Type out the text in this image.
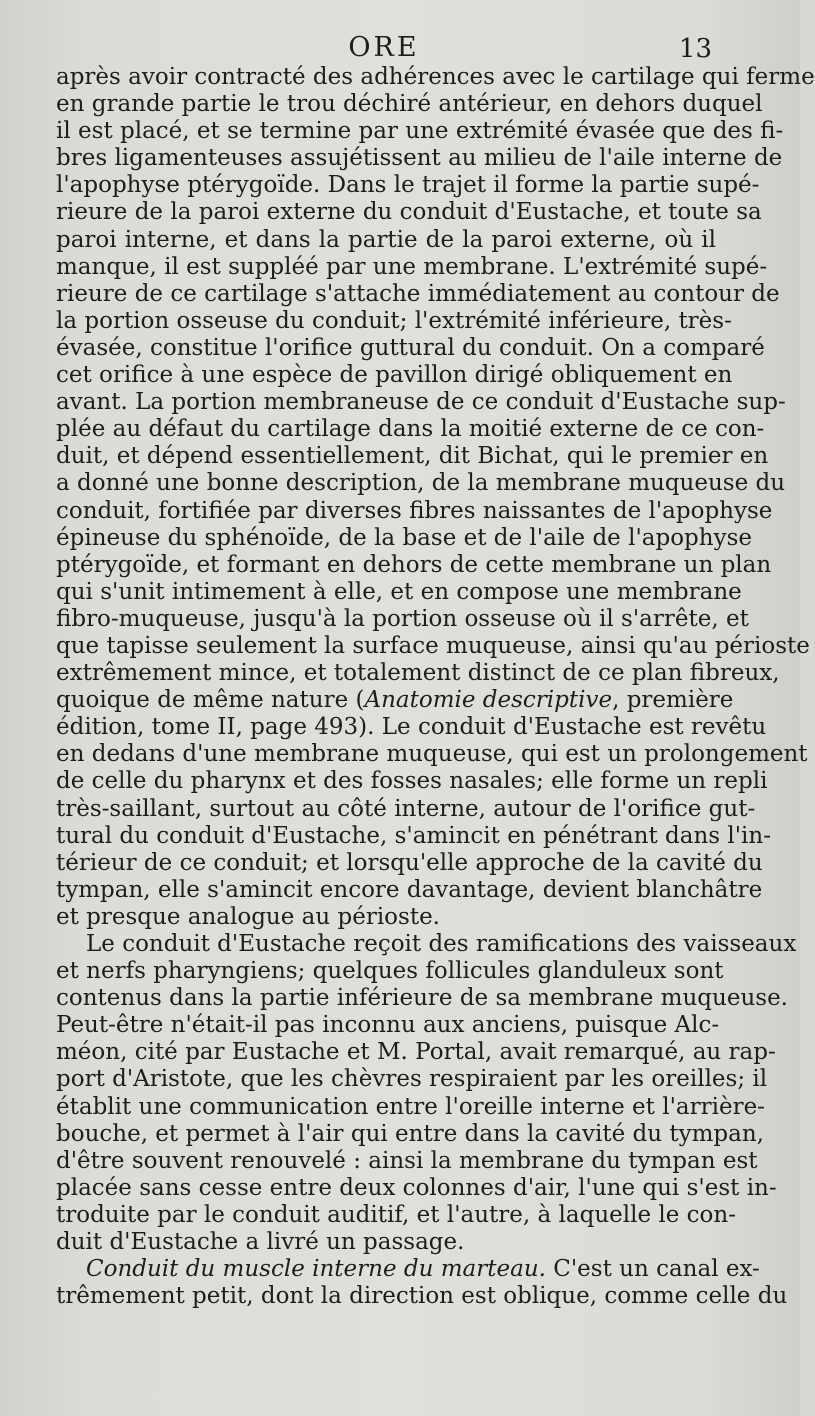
ORE	13
après avoir contracté des adhérences avec le cartilage qui ferme
en grande partie le trou déchiré antérieur, en dehors duquel
il est placé, et se termine par une extrémité évasée que des fi-
bres ligamenteuses assujétissent au milieu de l'aile interne de
l'apophyse ptérygoïde. Dans le trajet il forme la partie supé-
rieure de la paroi externe du conduit d'Eustache, et toute sa
paroi interne, et dans la partie de la paroi externe, où il
manque, il est suppléé par une membrane. L'extrémité supé-
rieure de ce cartilage s'attache immédiatement au contour de
la portion osseuse du conduit; l'extrémité inférieure, très-
évasée, constitue l'orifice guttural du conduit. On a comparé
cet orifice à une espèce de pavillon dirigé obliquement en
avant. La portion membraneuse de ce conduit d'Eustache sup-
plée au défaut du cartilage dans la moitié externe de ce con-
duit, et dépend essentiellement, dit Bichat, qui le premier en
a donné une bonne description, de la membrane muqueuse du
conduit, fortifiée par diverses fibres naissantes de l'apophyse
épineuse du sphénoïde, de la base et de l'aile de l'apophyse
ptérygoïde, et formant en dehors de cette membrane un plan
qui s'unit intimement à elle, et en compose une membrane
fibro-muqueuse, jusqu'à la portion osseuse où il s'arrête, et
que tapisse seulement la surface muqueuse, ainsi qu'au périoste
extrêmement mince, et totalement distinct de ce plan fibreux,
quoique de même nature (Anatomie descriptive, première
édition, tome II, page 493). Le conduit d'Eustache est revêtu
en dedans d'une membrane muqueuse, qui est un prolongement
de celle du pharynx et des fosses nasales; elle forme un repli
très-saillant, surtout au côté interne, autour de l'orifice gut-
tural du conduit d'Eustache, s'amincit en pénétrant dans l'in-
térieur de ce conduit; et lorsqu'elle approche de la cavité du
tympan, elle s'amincit encore davantage, devient blanchâtre
et presque analogue au périoste.
Le conduit d'Eustache reçoit des ramifications des vaisseaux
et nerfs pharyngiens; quelques follicules glanduleux sont
contenus dans la partie inférieure de sa membrane muqueuse.
Peut-être n'était-il pas inconnu aux anciens, puisque Alc-
méon, cité par Eustache et M. Portal, avait remarqué, au rap-
port d'Aristote, que les chèvres respiraient par les oreilles; il
établit une communication entre l'oreille interne et l'arrière-
bouche, et permet à l'air qui entre dans la cavité du tympan,
d'être souvent renouvelé : ainsi la membrane du tympan est
placée sans cesse entre deux colonnes d'air, l'une qui s'est in-
troduite par le conduit auditif, et l'autre, à laquelle le con-
duit d'Eustache a livré un passage.
Conduit du muscle interne du marteau. C'est un canal ex-
trêmement petit, dont la direction est oblique, comme celle du
